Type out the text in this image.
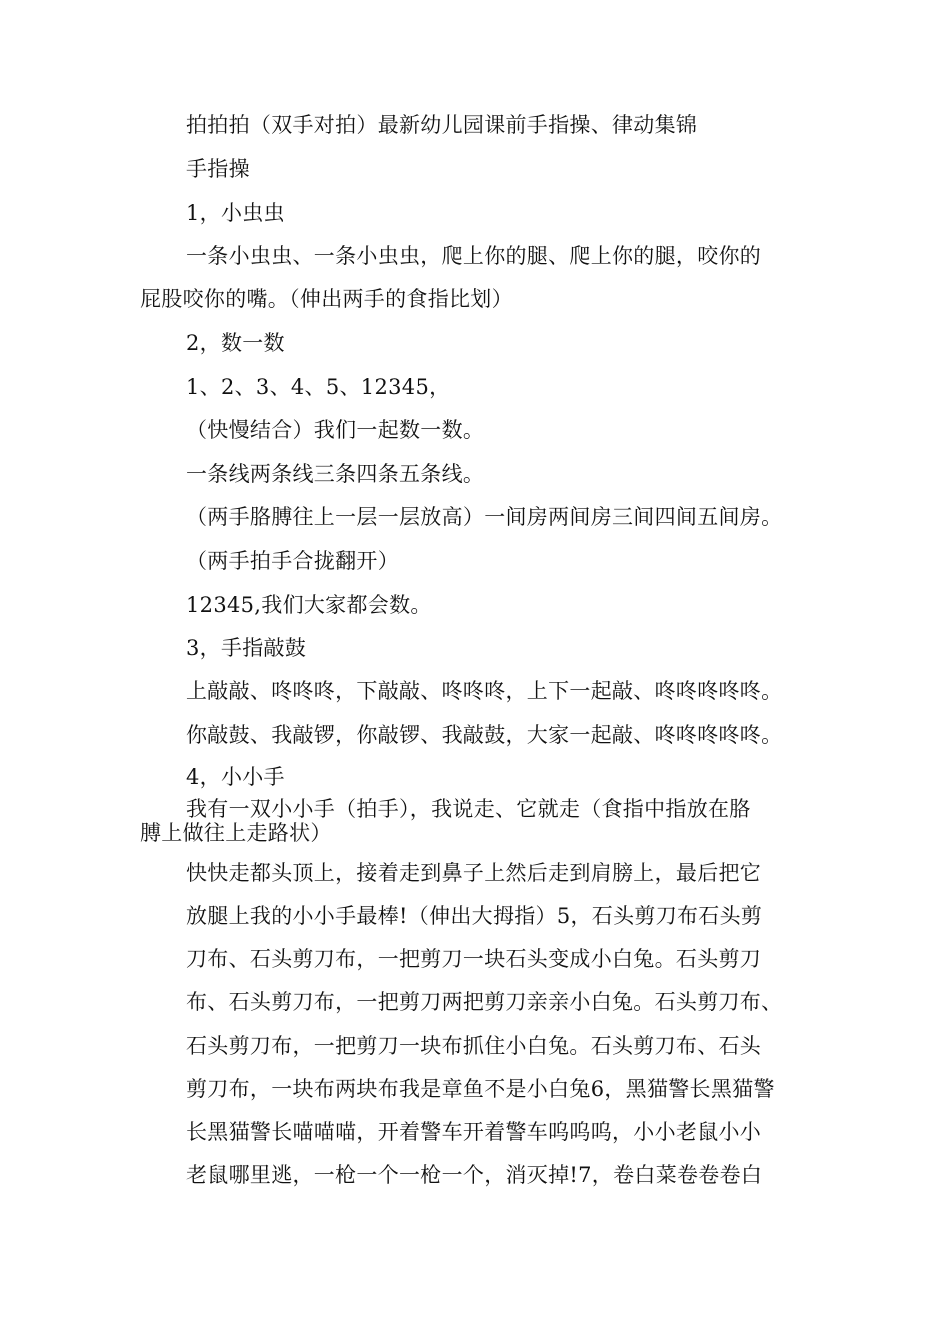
拍拍拍（双手对拍）最新幼儿园课前手指操、律动集锦
手指操
1，小虫虫
一条小虫虫、一条小虫虫，爬上你的腿、爬上你的腿，咬你的
屁股咬你的嘴。（伸出两手的食指比划）
2，数一数
1、2、3、4、5、12345，
（快慢结合）我们一起数一数。
一条线两条线三条四条五条线。
（两手胳膊往上一层一层放高）一间房两间房三间四间五间房。
（两手拍手合拢翻开）
12345,我们大家都会数。
3，手指敲鼓
上敲敲、咚咚咚，下敲敲、咚咚咚，上下一起敲、咚咚咚咚咚。
你敲鼓、我敲锣，你敲锣、我敲鼓，大家一起敲、咚咚咚咚咚。
4，小小手
我有一双小小手（拍手），我说走、它就走（食指中指放在胳
膊上做往上走路状）
快快走都头顶上，接着走到鼻子上然后走到肩膀上，最后把它
放腿上我的小小手最棒!（伸出大拇指）5，石头剪刀布石头剪
刀布、石头剪刀布，一把剪刀一块石头变成小白兔。石头剪刀
布、石头剪刀布，一把剪刀两把剪刀亲亲小白兔。石头剪刀布、
石头剪刀布，一把剪刀一块布抓住小白兔。石头剪刀布、石头
剪刀布，一块布两块布我是章鱼不是小白兔6，黑猫警长黑猫警
长黑猫警长喵喵喵，开着警车开着警车呜呜呜，小小老鼠小小
老鼠哪里逃，一枪一个一枪一个，消灭掉!7，卷白菜卷卷卷白
